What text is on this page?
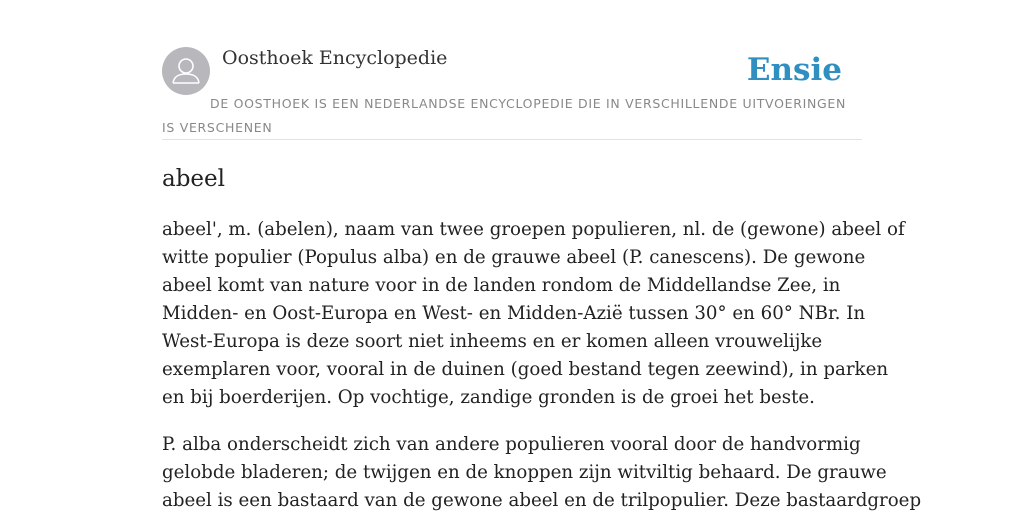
Oosthoek Encyclopedie	Ensie
DE OOSTHOEK IS EEN NEDERLANDSE ENCYCLOPEDIE DIE IN VERSCHILLENDE UITVOERINGEN IS VERSCHENEN
abeel

abeel', m. (abelen), naam van twee groepen populieren, nl. de (gewone) abeel of
witte populier (Populus alba) en de grauwe abeel (P. canescens). De gewone
abeel komt van nature voor in de landen rondom de Middellandse Zee, in
Midden- en Oost-Europa en West- en Midden-Azië tussen 30° en 60° NBr. In
West-Europa is deze soort niet inheems en er komen alleen vrouwelijke
exemplaren voor, vooral in de duinen (goed bestand tegen zeewind), in parken
en bij boerderijen. Op vochtige, zandige gronden is de groei het beste.

P. alba onderscheidt zich van andere populieren vooral door de handvormig
gelobde bladeren; de twijgen en de knoppen zijn witviltig behaard. De grauwe
abeel is een bastaard van de gewone abeel en de trilpopulier. Deze bastaardgroep
